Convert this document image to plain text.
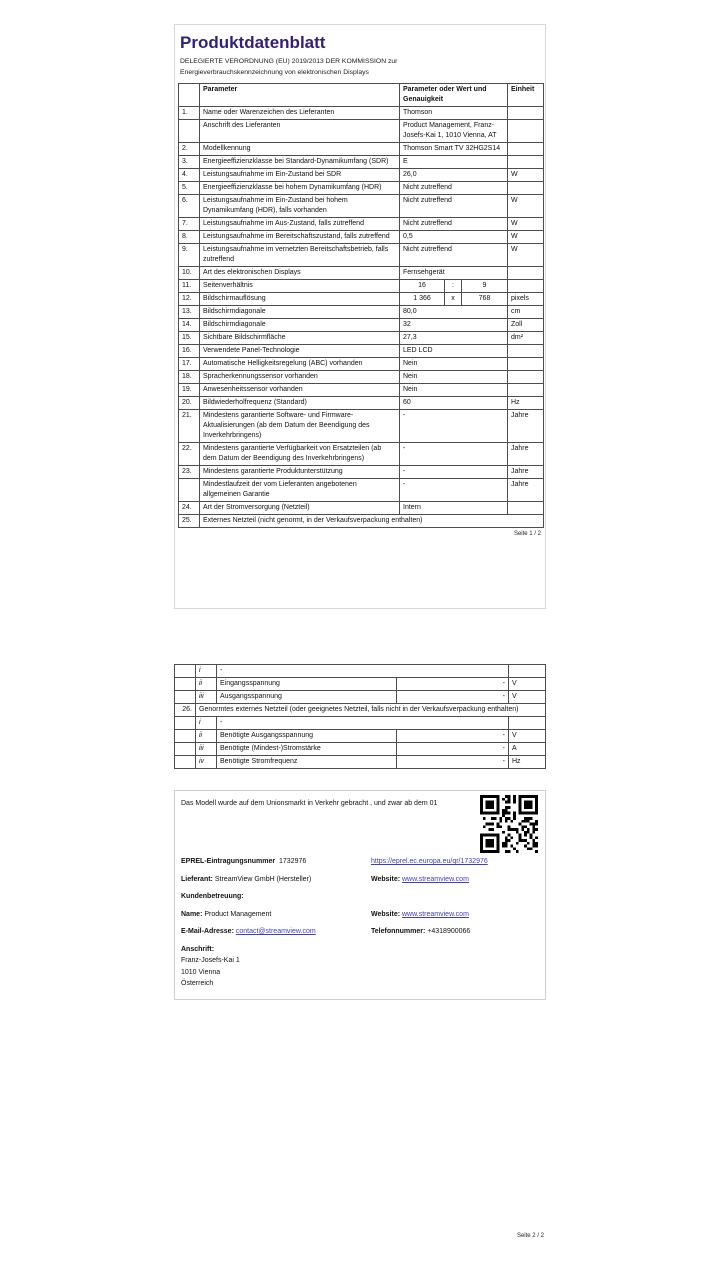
Produktdatenblatt
DELEGIERTE VERORDNUNG (EU) 2019/2013 DER KOMMISSION zur
Energieverbrauchskennzeichnung von elektronischen Displays
	Parameter	Parameter oder Wert und Genauigkeit	Einheit
1.	Name oder Warenzeichen des Lieferanten	Thomson	
	Anschrift des Lieferanten	Product Management, Franz-Josefs-Kai 1, 1010 Vienna, AT	
2.	Modellkennung	Thomson Smart TV 32HG2S14	
3.	Energieeffizienzklasse bei Standard-Dynamikumfang (SDR)	E	
4.	Leistungsaufnahme im Ein-Zustand bei SDR	26,0	W
5.	Energieeffizienzklasse bei hohem Dynamikumfang (HDR)	Nicht zutreffend	
6.	Leistungsaufnahme im Ein-Zustand bei hohem Dynamikumfang (HDR), falls vorhanden	Nicht zutreffend	W
7.	Leistungsaufnahme im Aus-Zustand, falls zutreffend	Nicht zutreffend	W
8.	Leistungsaufnahme im Bereitschaftszustand, falls zutreffend	0,5	W
9.	Leistungsaufnahme im vernetzten Bereitschaftsbetrieb, falls zutreffend	Nicht zutreffend	W
10.	Art des elektronischen Displays	Fernsehgerät	
11.	Seitenverhältnis	16 : 9	

12.	Bildschirmauflösung	1 366 x 768	pixels
13.	Bildschirmdiagonale	80,0	cm
14.	Bildschirmdiagonale	32	Zoll
15.	Sichtbare Bildschirmfläche	27,3	dm²
16.	Verwendete Panel-Technologie	LED LCD	
17.	Automatische Helligkeitsregelung (ABC) vorhanden	Nein	
18.	Spracherkennungssensor vorhanden	Nein	
19.	Anwesenheitssensor vorhanden	Nein	
20.	Bildwiederholfrequenz (Standard)	60	Hz
21.	Mindestens garantierte Software- und Firmware-Aktualisierungen (ab dem Datum der Beendigung des Inverkehrbringens)	-	Jahre
22.	Mindestens garantierte Verfügbarkeit von Ersatzteilen (ab dem Datum der Beendigung des Inverkehrbringens)	-	Jahre
23.	Mindestens garantierte Produktunterstützung	-	Jahre
	Mindestlaufzeit der vom Lieferanten angebotenen allgemeinen Garantie	-	Jahre
24.	Art der Stromversorgung (Netzteil)	Intern	
25.	Externes Netzteil (nicht genormt, in der Verkaufsverpackung enthalten)		
Seite 1 / 2
	i	-		
	ii	Eingangsspannung	-	V
	iii	Ausgangsspannung	-	V
26.	Genormtes externes Netzteil (oder geeignetes Netzteil, falls nicht in der Verkaufsverpackung enthalten)			
	i	-		
	ii	Benötigte Ausgangsspannung	-	V
	iii	Benötigte (Mindest-)Stromstärke	-	A
	iv	Benötigte Stromfrequenz	-	Hz
Das Modell wurde auf dem Unionsmarkt in Verkehr gebracht , und zwar ab dem 01
EPREL-Eintragungsnummer 1732976	https://eprel.ec.europa.eu/qr/1732976
Lieferant: StreamView GmbH (Hersteller)	Website: www.streamview.com
Kundenbetreuung:
Name: Product Management	Website: www.streamview.com
E-Mail-Adresse: contact@streamview.com	Telefonnummer: +4318900066
Anschrift:
Franz-Josefs-Kai 1
1010 Vienna
Österreich
Seite 2 / 2
